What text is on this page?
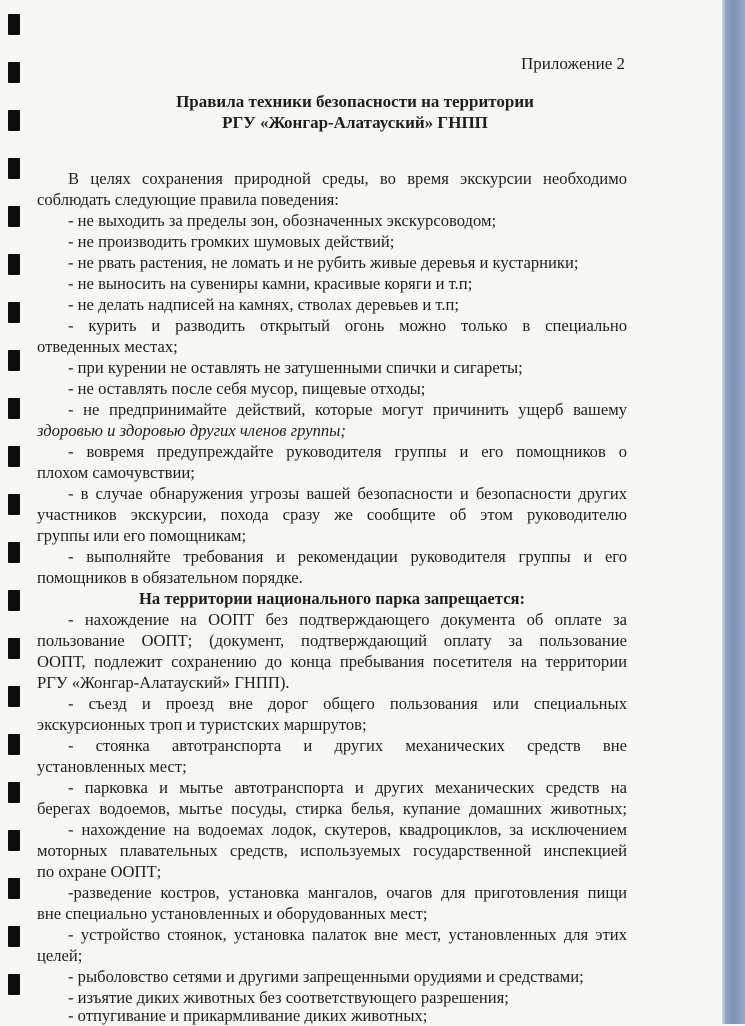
Приложение 2
Правила техники безопасности на территории
РГУ «Жонгар-Алатауский» ГНПП
В целях сохранения природной среды, во время экскурсии необходимо
соблюдать следующие правила поведения:
- не выходить за пределы зон, обозначенных экскурсоводом;
- не производить громких шумовых действий;
- не рвать растения, не ломать и не рубить живые деревья и кустарники;
- не выносить на сувениры камни, красивые коряги и т.п;
- не делать надписей на камнях, стволах деревьев и т.п;
- курить и разводить открытый огонь можно только в специально
отведенных местах;
- при курении не оставлять не затушенными спички и сигареты;
- не оставлять после себя мусор, пищевые отходы;
- не предпринимайте действий, которые могут причинить ущерб вашему
здоровью и здоровью других членов группы;
- вовремя предупреждайте руководителя группы и его помощников о
плохом самочувствии;
- в случае обнаружения угрозы вашей безопасности и безопасности других
участников экскурсии, похода сразу же сообщите об этом руководителю
группы или его помощникам;
- выполняйте требования и рекомендации руководителя группы и его
помощников в обязательном порядке.
На территории национального парка запрещается:
- нахождение на ООПТ без подтверждающего документа об оплате за
пользование ООПТ; (документ, подтверждающий оплату за пользование
ООПТ, подлежит сохранению до конца пребывания посетителя на территории
РГУ «Жонгар-Алатауский» ГНПП).
- съезд и проезд вне дорог общего пользования или специальных
экскурсионных троп и туристских маршрутов;
- стоянка автотранспорта и других механических средств вне
установленных мест;
- парковка и мытье автотранспорта и других механических средств на
берегах водоемов, мытье посуды, стирка белья, купание домашних животных;
- нахождение на водоемах лодок, скутеров, квадроциклов, за исключением
моторных плавательных средств, используемых государственной инспекцией
по охране ООПТ;
-разведение костров, установка мангалов, очагов для приготовления пищи
вне специально установленных и оборудованных мест;
- устройство стоянок, установка палаток вне мест, установленных для этих
целей;
- рыболовство сетями и другими запрещенными орудиями и средствами;
- изъятие диких животных без соответствующего разрешения;
- отпугивание и прикармливание диких животных;
